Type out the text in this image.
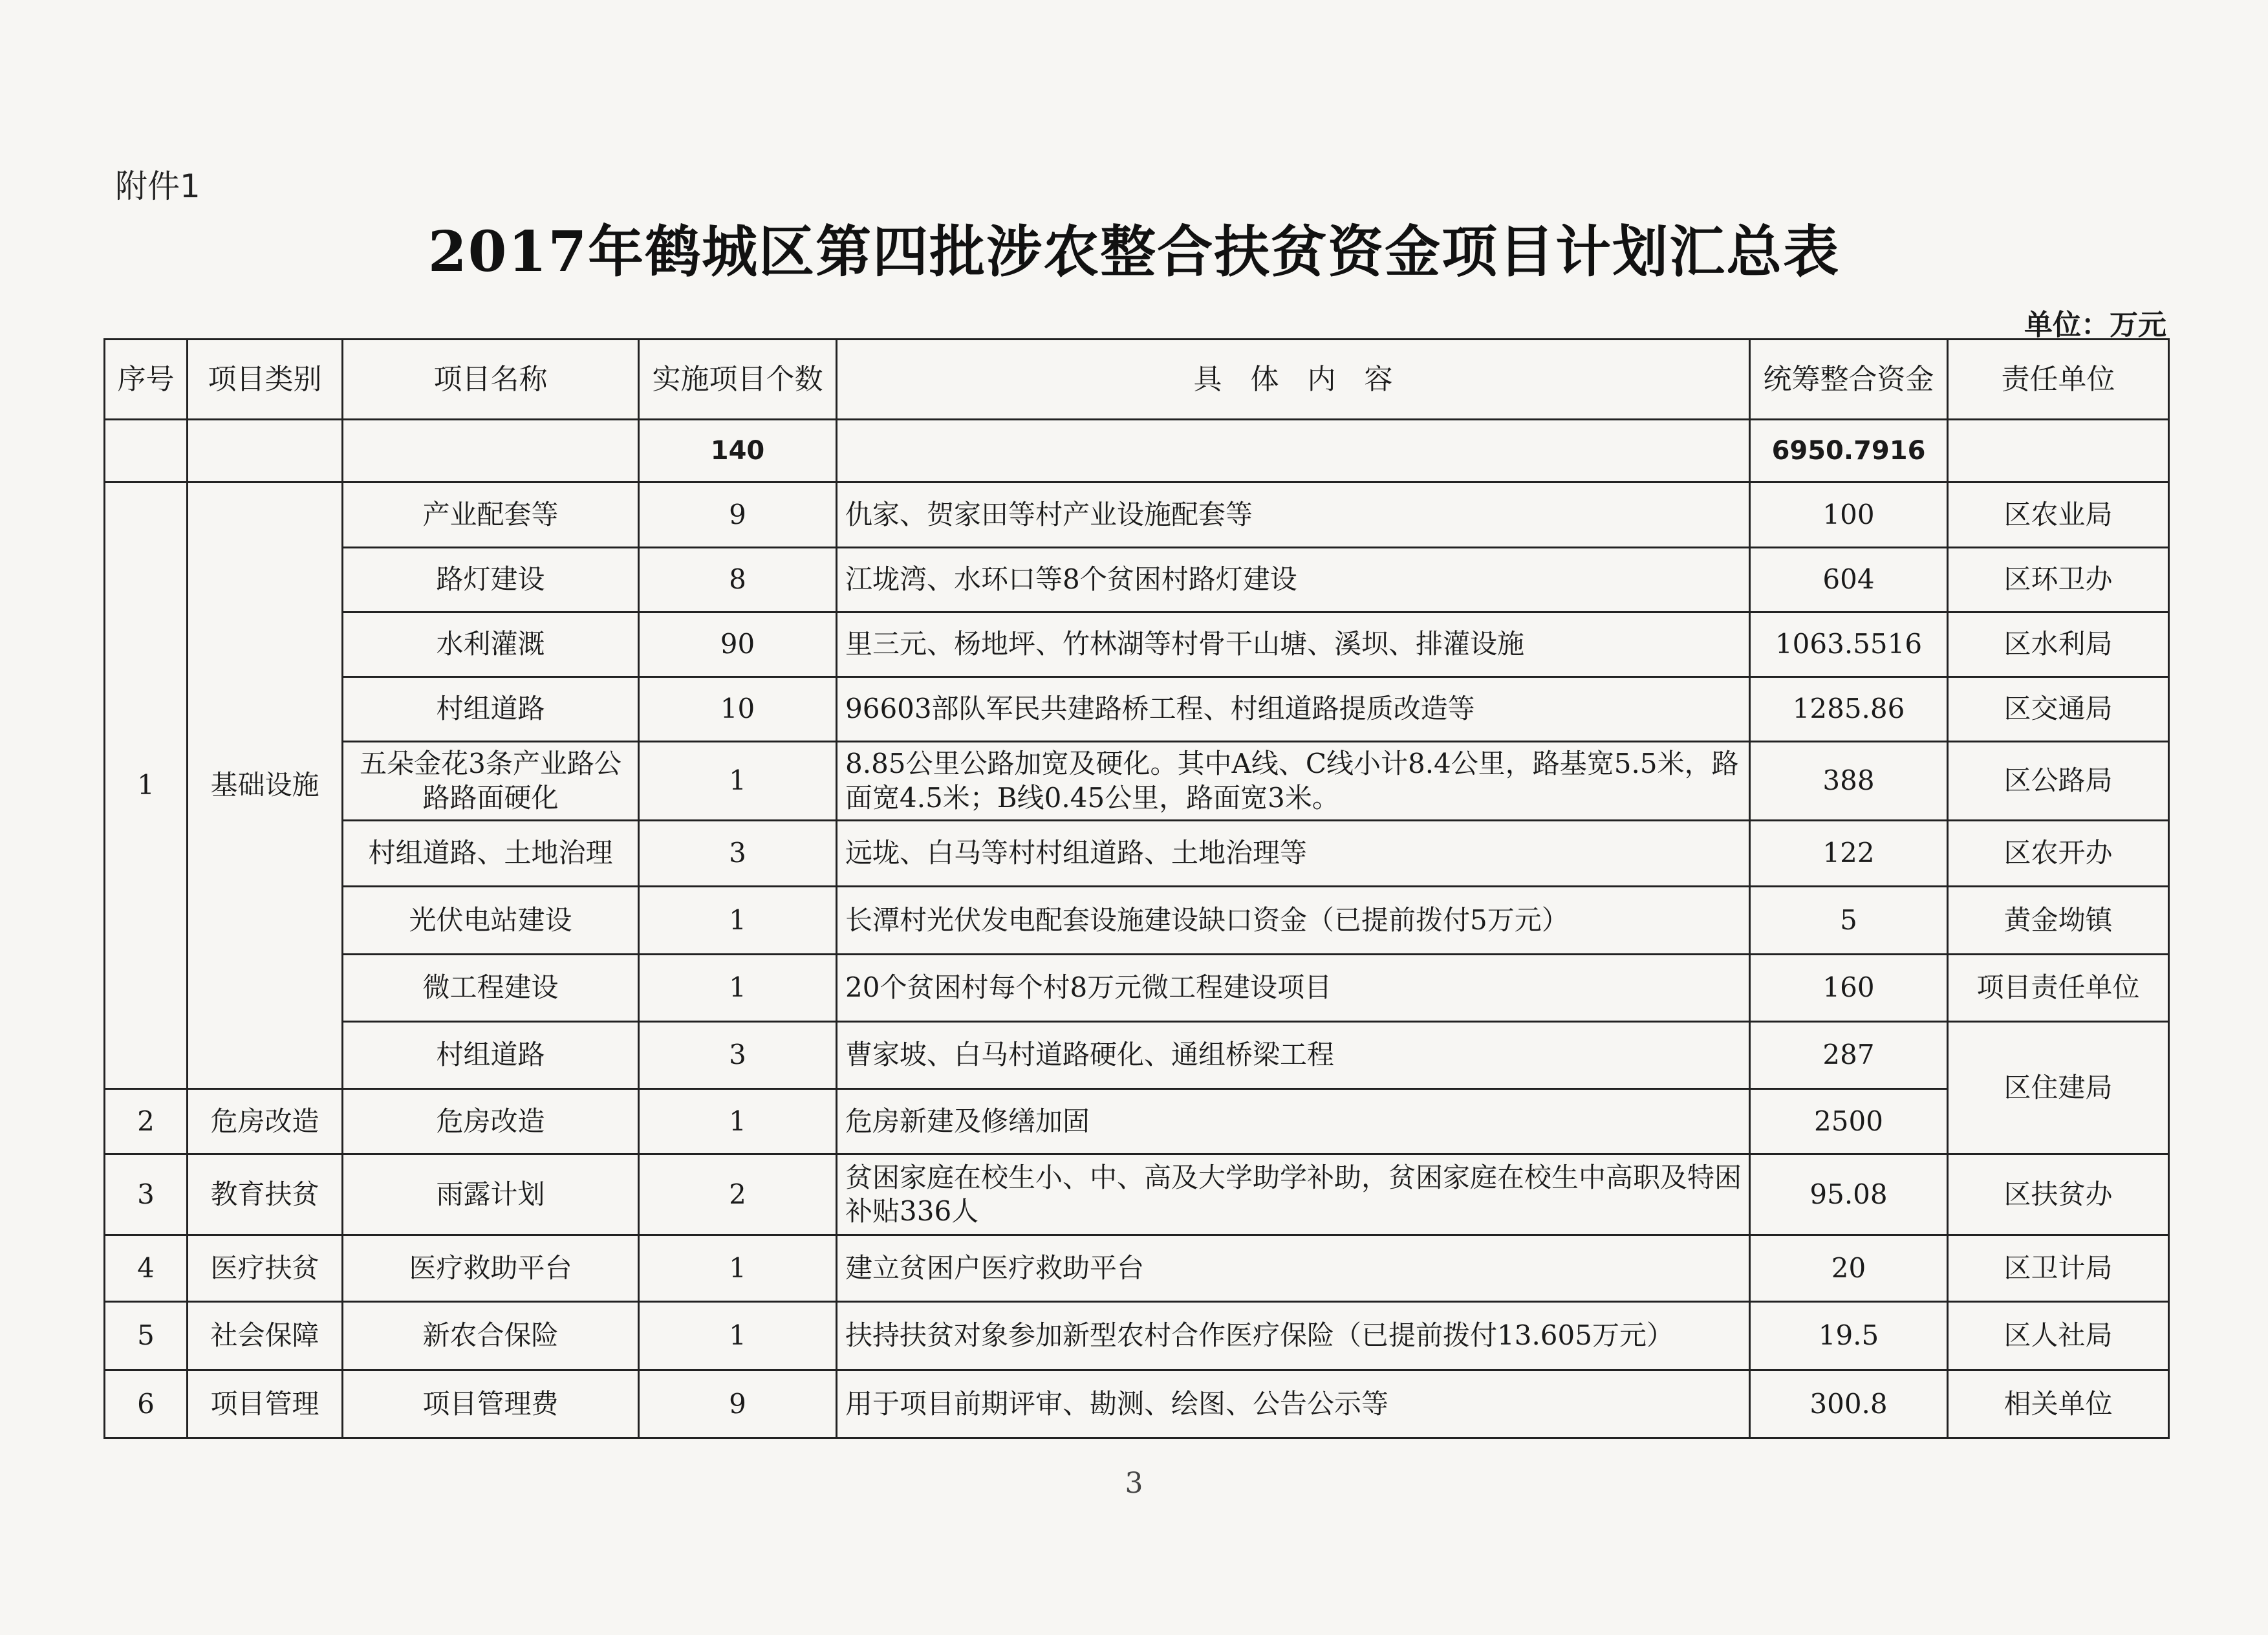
附件1
2017年鹤城区第四批涉农整合扶贫资金项目计划汇总表
单位：万元
序号	项目类别	项目名称	实施项目个数	具　体　内　容	统筹整合资金	责任单位
			140		6950.7916	
1	基础设施	产业配套等	9	仇家、贺家田等村产业设施配套等	100	区农业局
		路灯建设	8	江垅湾、水环口等8个贫困村路灯建设	604	区环卫办
		水利灌溉	90	里三元、杨地坪、竹林湖等村骨干山塘、溪坝、排灌设施	1063.5516	区水利局
		村组道路	10	96603部队军民共建路桥工程、村组道路提质改造等	1285.86	区交通局
		五朵金花3条产业路公路路面硬化	1	8.85公里公路加宽及硬化。其中A线、C线小计8.4公里，路基宽5.5米，路面宽4.5米；B线0.45公里，路面宽3米。	388	区公路局
		村组道路、土地治理	3	远垅、白马等村村组道路、土地治理等	122	区农开办
		光伏电站建设	1	长潭村光伏发电配套设施建设缺口资金（已提前拨付5万元）	5	黄金坳镇
		微工程建设	1	20个贫困村每个村8万元微工程建设项目	160	项目责任单位
		村组道路	3	曹家坡、白马村道路硬化、通组桥梁工程	287	区住建局
2	危房改造	危房改造	1	危房新建及修缮加固	2500	
3	教育扶贫	雨露计划	2	贫困家庭在校生小、中、高及大学助学补助，贫困家庭在校生中高职及特困补贴336人	95.08	区扶贫办
4	医疗扶贫	医疗救助平台	1	建立贫困户医疗救助平台	20	区卫计局
5	社会保障	新农合保险	1	扶持扶贫对象参加新型农村合作医疗保险（已提前拨付13.605万元）	19.5	区人社局
6	项目管理	项目管理费	9	用于项目前期评审、勘测、绘图、公告公示等	300.8	相关单位
3
